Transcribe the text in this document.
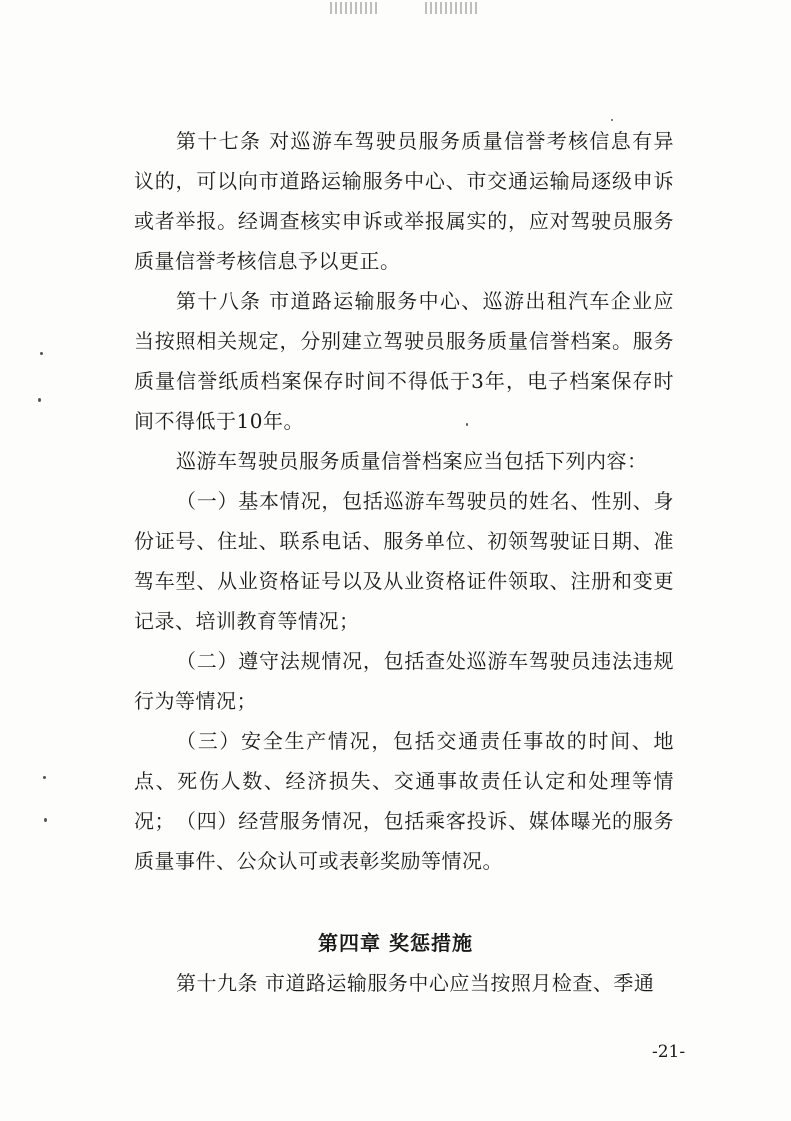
第十七条 对巡游车驾驶员服务质量信誉考核信息有异议的，可以向市道路运输服务中心、市交通运输局逐级申诉或者举报。经调查核实申诉或举报属实的，应对驾驶员服务质量信誉考核信息予以更正。

第十八条 市道路运输服务中心、巡游出租汽车企业应当按照相关规定，分别建立驾驶员服务质量信誉档案。服务质量信誉纸质档案保存时间不得低于3年，电子档案保存时间不得低于10年。

巡游车驾驶员服务质量信誉档案应当包括下列内容：

（一）基本情况，包括巡游车驾驶员的姓名、性别、身份证号、住址、联系电话、服务单位、初领驾驶证日期、准驾车型、从业资格证号以及从业资格证件领取、注册和变更记录、培训教育等情况；

（二）遵守法规情况，包括查处巡游车驾驶员违法违规行为等情况；

（三）安全生产情况，包括交通责任事故的时间、地点、死伤人数、经济损失、交通事故责任认定和处理等情况； （四）经营服务情况，包括乘客投诉、媒体曝光的服务质量事件、公众认可或表彰奖励等情况。

第四章 奖惩措施

第十九条 市道路运输服务中心应当按照月检查、季通

-21-
